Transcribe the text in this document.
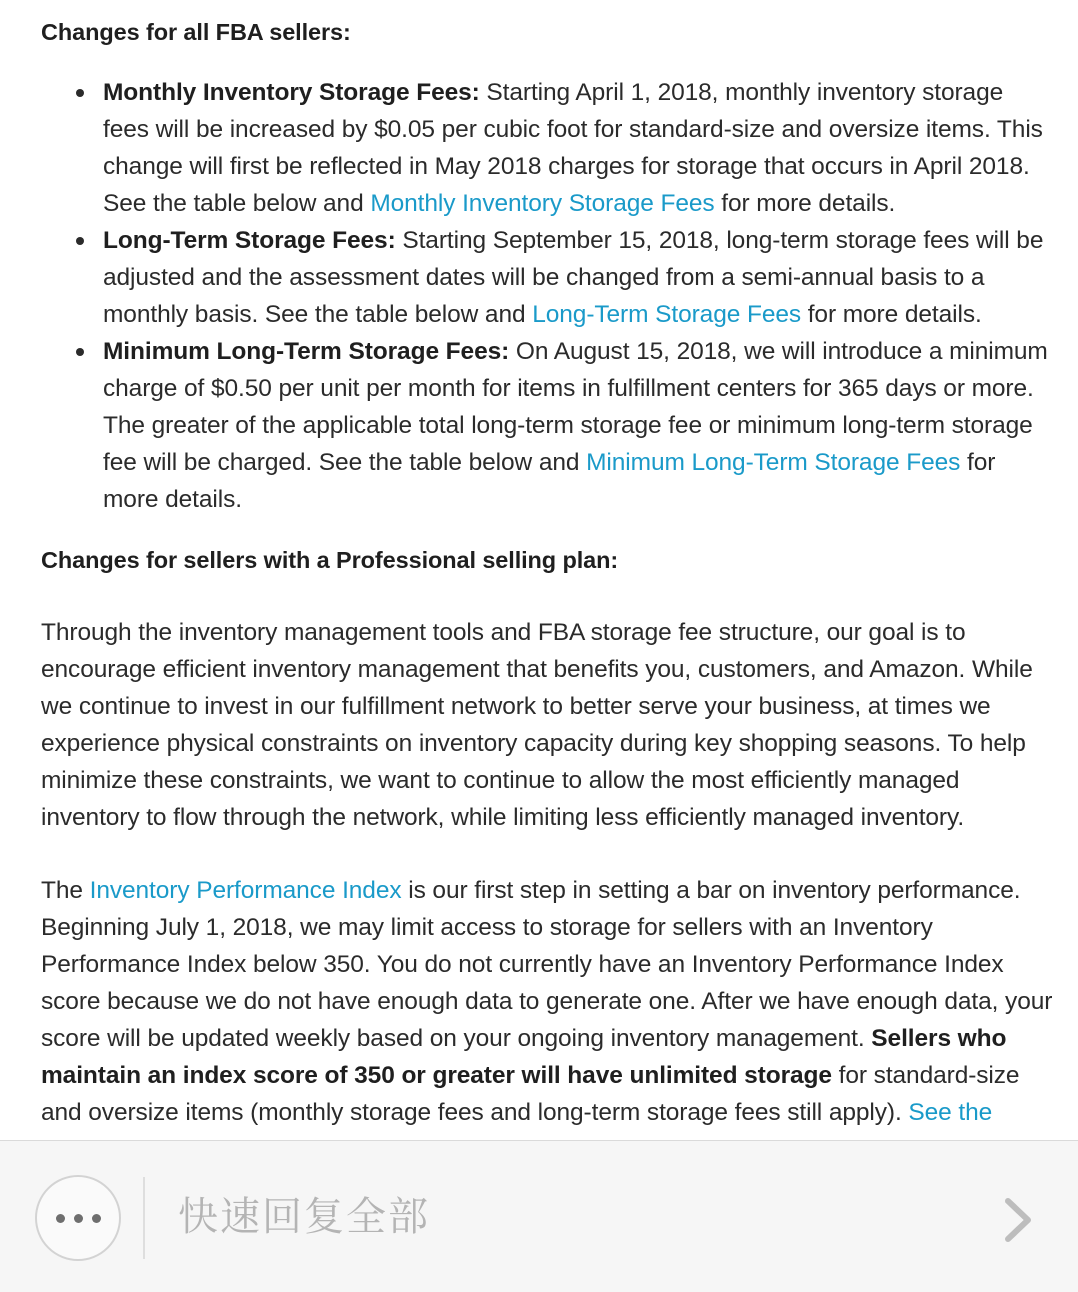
Changes for all FBA sellers:
Monthly Inventory Storage Fees: Starting April 1, 2018, monthly inventory storage fees will be increased by $0.05 per cubic foot for standard-size and oversize items. This change will first be reflected in May 2018 charges for storage that occurs in April 2018. See the table below and Monthly Inventory Storage Fees for more details.
Long-Term Storage Fees: Starting September 15, 2018, long-term storage fees will be adjusted and the assessment dates will be changed from a semi-annual basis to a monthly basis. See the table below and Long-Term Storage Fees for more details.
Minimum Long-Term Storage Fees: On August 15, 2018, we will introduce a minimum charge of $0.50 per unit per month for items in fulfillment centers for 365 days or more. The greater of the applicable total long-term storage fee or minimum long-term storage fee will be charged. See the table below and Minimum Long-Term Storage Fees for more details.
Changes for sellers with a Professional selling plan:

Through the inventory management tools and FBA storage fee structure, our goal is to encourage efficient inventory management that benefits you, customers, and Amazon. While we continue to invest in our fulfillment network to better serve your business, at times we experience physical constraints on inventory capacity during key shopping seasons. To help minimize these constraints, we want to continue to allow the most efficiently managed inventory to flow through the network, while limiting less efficiently managed inventory.

The Inventory Performance Index is our first step in setting a bar on inventory performance. Beginning July 1, 2018, we may limit access to storage for sellers with an Inventory Performance Index below 350. You do not currently have an Inventory Performance Index score because we do not have enough data to generate one. After we have enough data, your score will be updated weekly based on your ongoing inventory management. Sellers who maintain an index score of 350 or greater will have unlimited storage for standard-size and oversize items (monthly storage fees and long-term storage fees still apply). See the

快速回复全部
